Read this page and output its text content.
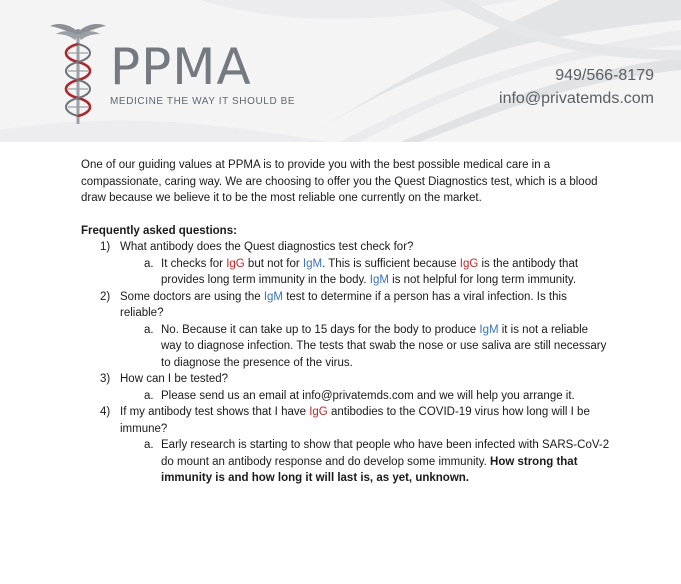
PPMA
MEDICINE THE WAY IT SHOULD BE
949/566-8179
info@privatemds.com

One of our guiding values at PPMA is to provide you with the best possible medical care in a compassionate, caring way. We are choosing to offer you the Quest Diagnostics test, which is a blood draw because we believe it to be the most reliable one currently on the market.

Frequently asked questions:
1) What antibody does the Quest diagnostics test check for?
a. It checks for IgG but not for IgM. This is sufficient because IgG is the antibody that provides long term immunity in the body. IgM is not helpful for long term immunity.
2) Some doctors are using the IgM test to determine if a person has a viral infection. Is this reliable?
a. No. Because it can take up to 15 days for the body to produce IgM it is not a reliable way to diagnose infection. The tests that swab the nose or use saliva are still necessary to diagnose the presence of the virus.
3) How can I be tested?
a. Please send us an email at info@privatemds.com and we will help you arrange it.
4) If my antibody test shows that I have IgG antibodies to the COVID-19 virus how long will I be immune?
a. Early research is starting to show that people who have been infected with SARS-CoV-2 do mount an antibody response and do develop some immunity. How strong that immunity is and how long it will last is, as yet, unknown.
